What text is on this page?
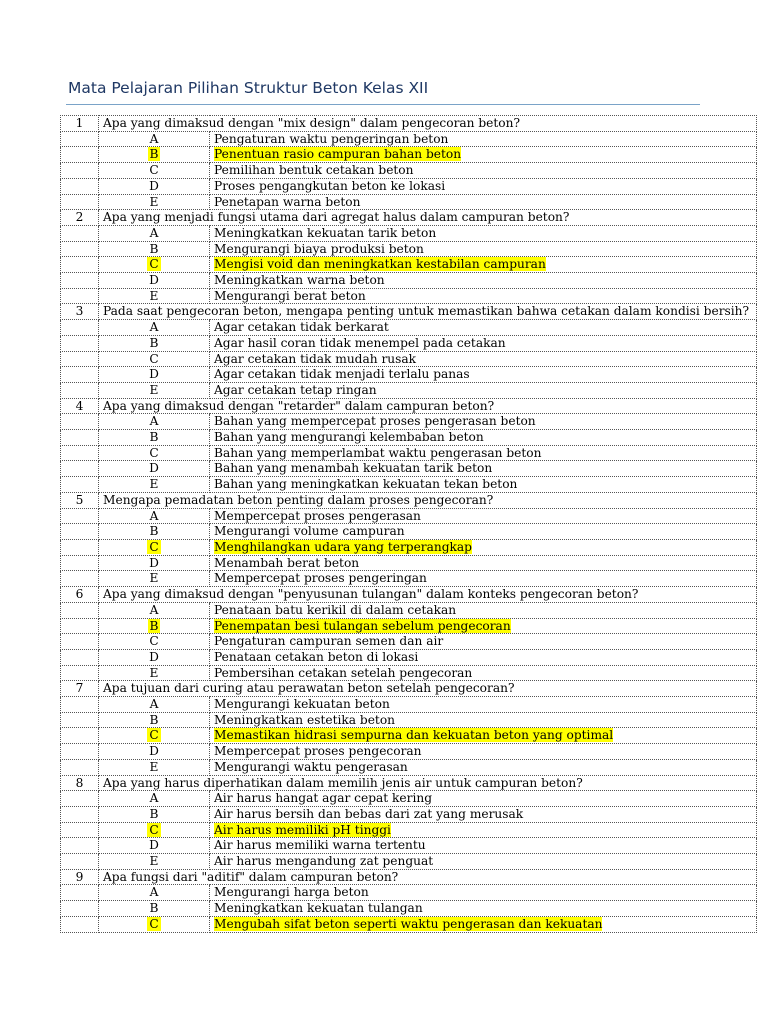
Mata Pelajaran Pilihan Struktur Beton Kelas XII
1	Apa yang dimaksud dengan "mix design" dalam pengecoran beton?	
	A	Pengaturan waktu pengeringan beton
	B	Penentuan rasio campuran bahan beton
	C	Pemilihan bentuk cetakan beton
	D	Proses pengangkutan beton ke lokasi
	E	Penetapan warna beton
2	Apa yang menjadi fungsi utama dari agregat halus dalam campuran beton?	
	A	Meningkatkan kekuatan tarik beton
	B	Mengurangi biaya produksi beton
	C	Mengisi void dan meningkatkan kestabilan campuran
	D	Meningkatkan warna beton
	E	Mengurangi berat beton
3	Pada saat pengecoran beton, mengapa penting untuk memastikan bahwa cetakan dalam kondisi bersih?	
	A	Agar cetakan tidak berkarat
	B	Agar hasil coran tidak menempel pada cetakan
	C	Agar cetakan tidak mudah rusak
	D	Agar cetakan tidak menjadi terlalu panas
	E	Agar cetakan tetap ringan
4	Apa yang dimaksud dengan "retarder" dalam campuran beton?	
	A	Bahan yang mempercepat proses pengerasan beton
	B	Bahan yang mengurangi kelembaban beton
	C	Bahan yang memperlambat waktu pengerasan beton
	D	Bahan yang menambah kekuatan tarik beton
	E	Bahan yang meningkatkan kekuatan tekan beton
5	Mengapa pemadatan beton penting dalam proses pengecoran?	
	A	Mempercepat proses pengerasan
	B	Mengurangi volume campuran
	C	Menghilangkan udara yang terperangkap
	D	Menambah berat beton
	E	Mempercepat proses pengeringan
6	Apa yang dimaksud dengan "penyusunan tulangan" dalam konteks pengecoran beton?	
	A	Penataan batu kerikil di dalam cetakan
	B	Penempatan besi tulangan sebelum pengecoran
	C	Pengaturan campuran semen dan air
	D	Penataan cetakan beton di lokasi
	E	Pembersihan cetakan setelah pengecoran
7	Apa tujuan dari curing atau perawatan beton setelah pengecoran?	
	A	Mengurangi kekuatan beton
	B	Meningkatkan estetika beton
	C	Memastikan hidrasi sempurna dan kekuatan beton yang optimal
	D	Mempercepat proses pengecoran
	E	Mengurangi waktu pengerasan
8	Apa yang harus diperhatikan dalam memilih jenis air untuk campuran beton?	
	A	Air harus hangat agar cepat kering
	B	Air harus bersih dan bebas dari zat yang merusak
	C	Air harus memiliki pH tinggi
	D	Air harus memiliki warna tertentu
	E	Air harus mengandung zat penguat
9	Apa fungsi dari "aditif" dalam campuran beton?	
	A	Mengurangi harga beton
	B	Meningkatkan kekuatan tulangan
	C	Mengubah sifat beton seperti waktu pengerasan dan kekuatan
